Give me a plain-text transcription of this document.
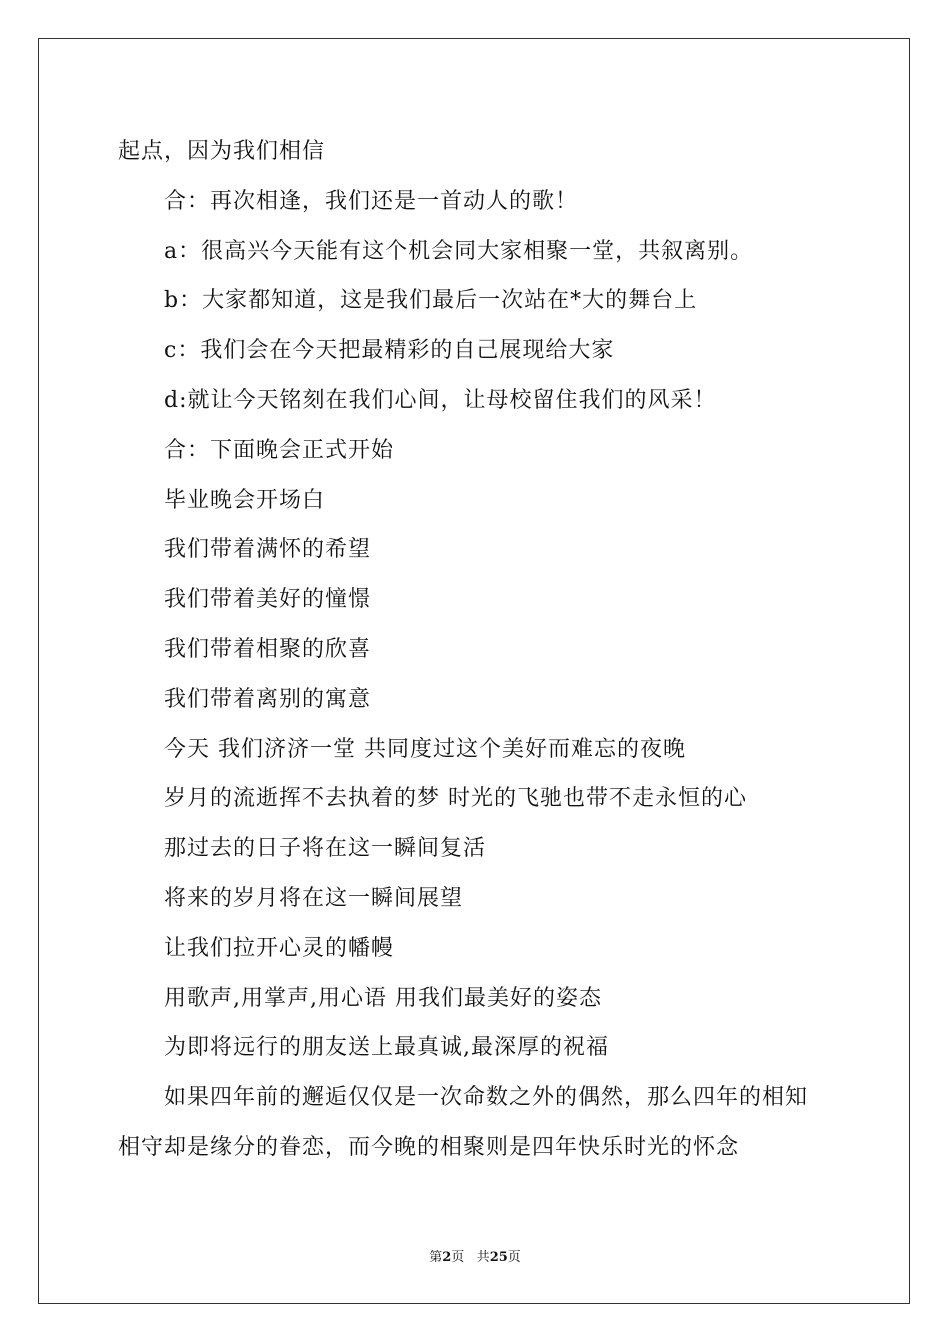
起点，因为我们相信
合：再次相逢，我们还是一首动人的歌！
a：很高兴今天能有这个机会同大家相聚一堂，共叙离别。
b：大家都知道，这是我们最后一次站在*大的舞台上
c：我们会在今天把最精彩的自己展现给大家
d:就让今天铭刻在我们心间，让母校留住我们的风采！
合：下面晚会正式开始
毕业晚会开场白
我们带着满怀的希望
我们带着美好的憧憬
我们带着相聚的欣喜
我们带着离别的寓意
今天 我们济济一堂 共同度过这个美好而难忘的夜晚
岁月的流逝挥不去执着的梦 时光的飞驰也带不走永恒的心
那过去的日子将在这一瞬间复活
将来的岁月将在这一瞬间展望
让我们拉开心灵的幡幔
用歌声,用掌声,用心语 用我们最美好的姿态
为即将远行的朋友送上最真诚,最深厚的祝福
如果四年前的邂逅仅仅是一次命数之外的偶然，那么四年的相知
相守却是缘分的眷恋，而今晚的相聚则是四年快乐时光的怀念
第2页 共25页
